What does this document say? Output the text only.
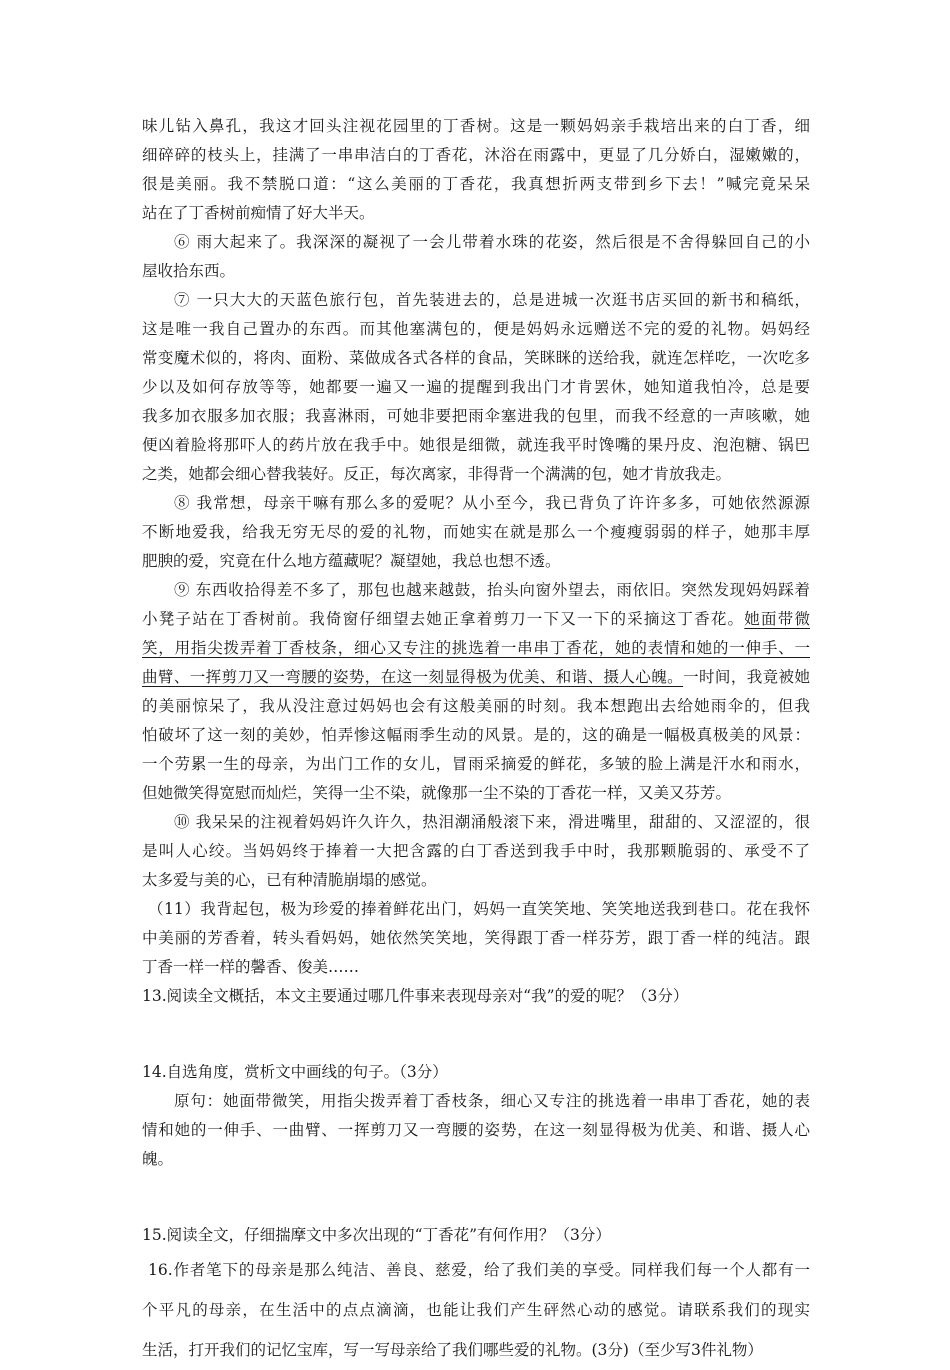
味儿钻入鼻孔，我这才回头注视花园里的丁香树。这是一颗妈妈亲手栽培出来的白丁香，细
细碎碎的枝头上，挂满了一串串洁白的丁香花，沐浴在雨露中，更显了几分娇白，湿嫩嫩的，
很是美丽。我不禁脱口道：“这么美丽的丁香花，我真想折两支带到乡下去！”喊完竟呆呆
站在了丁香树前痴情了好大半天。
⑥ 雨大起来了。我深深的凝视了一会儿带着水珠的花姿，然后很是不舍得躲回自己的小
屋收拾东西。
⑦ 一只大大的天蓝色旅行包，首先装进去的，总是进城一次逛书店买回的新书和稿纸，
这是唯一我自己置办的东西。而其他塞满包的，便是妈妈永远赠送不完的爱的礼物。妈妈经
常变魔术似的，将肉、面粉、菜做成各式各样的食品，笑眯眯的送给我，就连怎样吃，一次吃多
少以及如何存放等等，她都要一遍又一遍的提醒到我出门才肯罢休，她知道我怕冷，总是要
我多加衣服多加衣服；我喜淋雨，可她非要把雨伞塞进我的包里，而我不经意的一声咳嗽，她
便凶着脸将那吓人的药片放在我手中。她很是细微，就连我平时馋嘴的果丹皮、泡泡糖、锅巴
之类，她都会细心替我装好。反正，每次离家，非得背一个满满的包，她才肯放我走。
⑧ 我常想，母亲干嘛有那么多的爱呢？从小至今，我已背负了许许多多，可她依然源源
不断地爱我，给我无穷无尽的爱的礼物，而她实在就是那么一个瘦瘦弱弱的样子，她那丰厚
肥腴的爱，究竟在什么地方蕴藏呢？凝望她，我总也想不透。
⑨ 东西收拾得差不多了，那包也越来越鼓，抬头向窗外望去，雨依旧。突然发现妈妈踩着
小凳子站在丁香树前。我倚窗仔细望去她正拿着剪刀一下又一下的采摘这丁香花。她面带微
笑，用指尖拨弄着丁香枝条，细心又专注的挑选着一串串丁香花，她的表情和她的一伸手、一
曲臂、一挥剪刀又一弯腰的姿势，在这一刻显得极为优美、和谐、摄人心魄。一时间，我竟被她
的美丽惊呆了，我从没注意过妈妈也会有这般美丽的时刻。我本想跑出去给她雨伞的，但我
怕破坏了这一刻的美妙，怕弄惨这幅雨季生动的风景。是的，这的确是一幅极真极美的风景：
一个劳累一生的母亲，为出门工作的女儿，冒雨采摘爱的鲜花，多皱的脸上满是汗水和雨水，
但她微笑得宽慰而灿烂，笑得一尘不染，就像那一尘不染的丁香花一样，又美又芬芳。
⑩ 我呆呆的注视着妈妈许久许久，热泪潮涌般滚下来，滑进嘴里，甜甜的、又涩涩的，很
是叫人心绞。当妈妈终于捧着一大把含露的白丁香送到我手中时，我那颗脆弱的、承受不了
太多爱与美的心，已有种清脆崩塌的感觉。
（11）我背起包，极为珍爱的捧着鲜花出门，妈妈一直笑笑地、笑笑地送我到巷口。花在我怀
中美丽的芳香着，转头看妈妈，她依然笑笑地，笑得跟丁香一样芬芳，跟丁香一样的纯洁。跟
丁香一样一样的馨香、俊美……
13.阅读全文概括，本文主要通过哪几件事来表现母亲对“我”的爱的呢？（3分）
14.自选角度，赏析文中画线的句子。（3分）
原句：她面带微笑，用指尖拨弄着丁香枝条，细心又专注的挑选着一串串丁香花，她的表
情和她的一伸手、一曲臂、一挥剪刀又一弯腰的姿势，在这一刻显得极为优美、和谐、摄人心
魄。
15.阅读全文，仔细揣摩文中多次出现的“丁香花”有何作用？（3分）
16.作者笔下的母亲是那么纯洁、善良、慈爱，给了我们美的享受。同样我们每一个人都有一
个平凡的母亲，在生活中的点点滴滴，也能让我们产生砰然心动的感觉。请联系我们的现实
生活，打开我们的记忆宝库，写一写母亲给了我们哪些爱的礼物。(3分)（至少写3件礼物）
